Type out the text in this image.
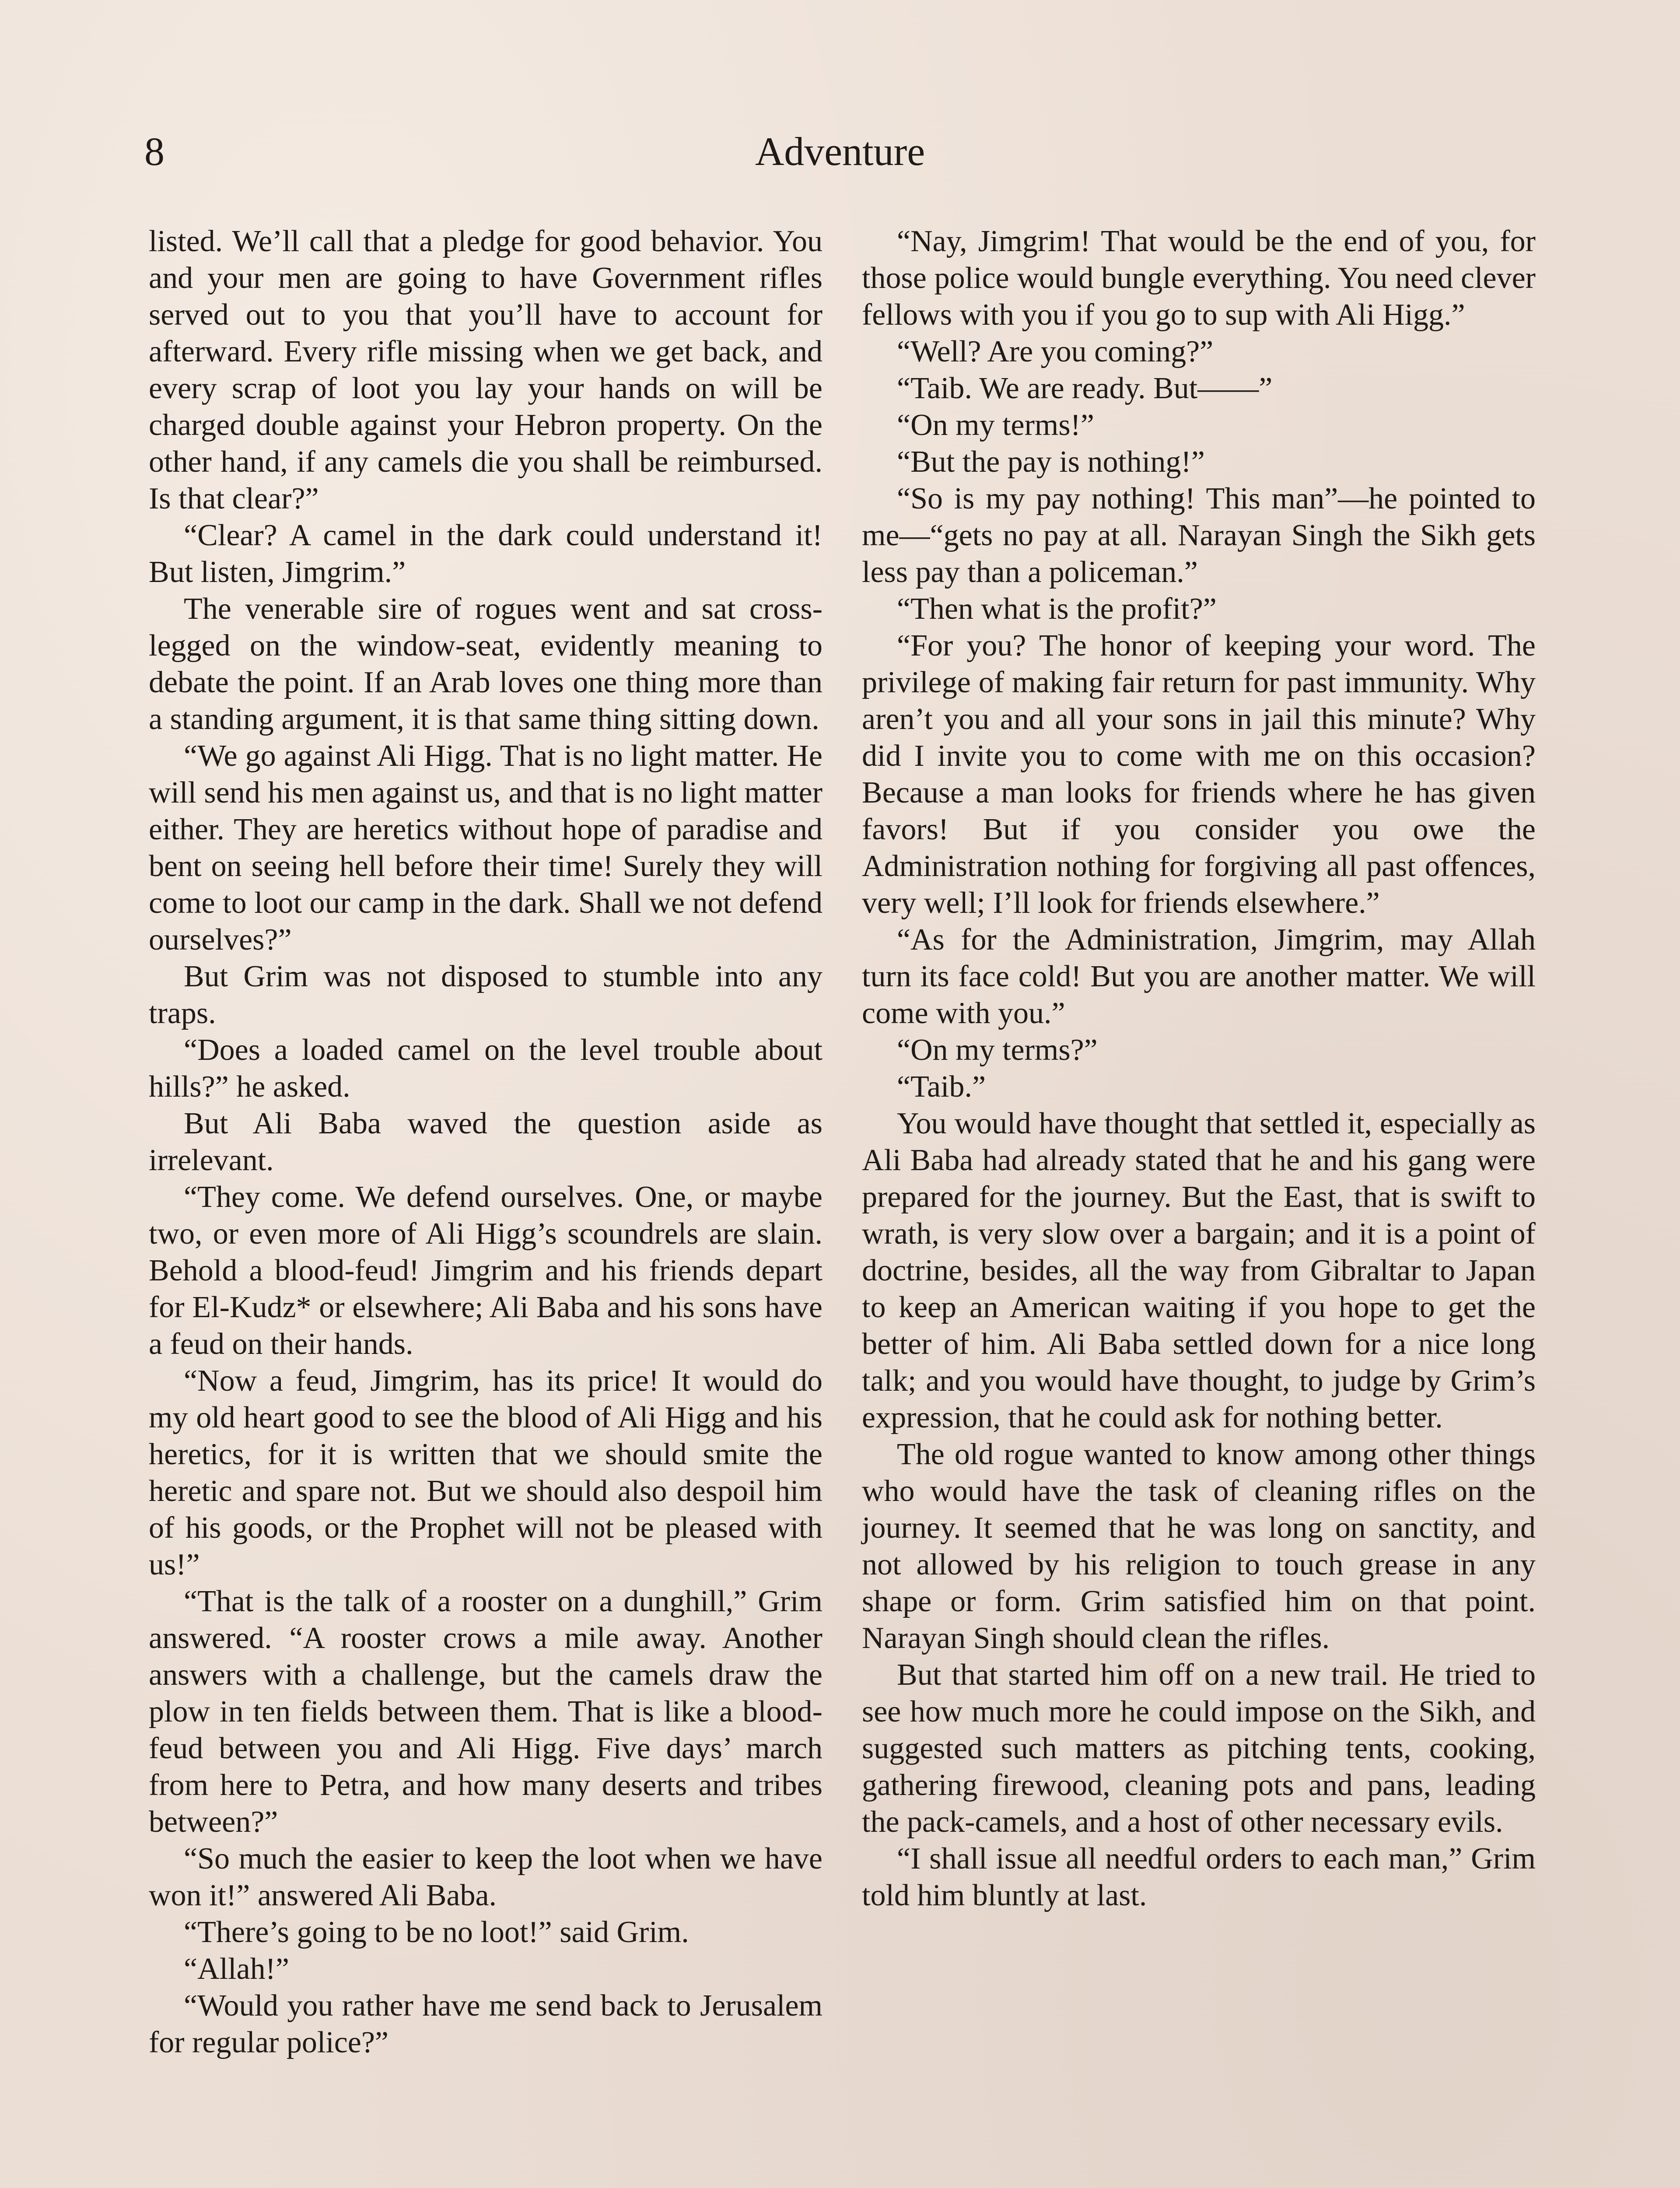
8	Adventure

listed. We’ll call that a pledge for good behavior. You and your men are going to have Government rifles served out to you that you’ll have to account for afterward. Every rifle missing when we get back, and every scrap of loot you lay your hands on will be charged double against your Hebron property. On the other hand, if any camels die you shall be reimbursed. Is that clear?”

“Clear? A camel in the dark could understand it! But listen, Jimgrim.”

The venerable sire of rogues went and sat cross-legged on the window-seat, evidently meaning to debate the point. If an Arab loves one thing more than a standing argument, it is that same thing sitting down.

“We go against Ali Higg. That is no light matter. He will send his men against us, and that is no light matter either. They are heretics without hope of paradise and bent on seeing hell before their time! Surely they will come to loot our camp in the dark. Shall we not defend ourselves?”

But Grim was not disposed to stumble into any traps.

“Does a loaded camel on the level trouble about hills?” he asked.

But Ali Baba waved the question aside as irrelevant.

“They come. We defend ourselves. One, or maybe two, or even more of Ali Higg’s scoundrels are slain. Behold a blood-feud! Jimgrim and his friends depart for El-Kudz* or elsewhere; Ali Baba and his sons have a feud on their hands.

“Now a feud, Jimgrim, has its price! It would do my old heart good to see the blood of Ali Higg and his heretics, for it is written that we should smite the heretic and spare not. But we should also despoil him of his goods, or the Prophet will not be pleased with us!”

“That is the talk of a rooster on a dunghill,” Grim answered. “A rooster crows a mile away. Another answers with a challenge, but the camels draw the plow in ten fields between them. That is like a blood-feud between you and Ali Higg. Five days’ march from here to Petra, and how many deserts and tribes between?”

“So much the easier to keep the loot when we have won it!” answered Ali Baba.

“There’s going to be no loot!” said Grim.

“Allah!”

“Would you rather have me send back to Jerusalem for regular police?”

“Nay, Jimgrim! That would be the end of you, for those police would bungle everything. You need clever fellows with you if you go to sup with Ali Higg.”

“Well? Are you coming?”

“Taib. We are ready. But——”

“On my terms!”

“But the pay is nothing!”

“So is my pay nothing! This man”—he pointed to me—“gets no pay at all. Narayan Singh the Sikh gets less pay than a policeman.”

“Then what is the profit?”

“For you? The honor of keeping your word. The privilege of making fair return for past immunity. Why aren’t you and all your sons in jail this minute? Why did I invite you to come with me on this occasion? Because a man looks for friends where he has given favors! But if you consider you owe the Administration nothing for forgiving all past offences, very well; I’ll look for friends elsewhere.”

“As for the Administration, Jimgrim, may Allah turn its face cold! But you are another matter. We will come with you.”

“On my terms?”

“Taib.”

You would have thought that settled it, especially as Ali Baba had already stated that he and his gang were prepared for the journey. But the East, that is swift to wrath, is very slow over a bargain; and it is a point of doctrine, besides, all the way from Gibraltar to Japan to keep an American waiting if you hope to get the better of him. Ali Baba settled down for a nice long talk; and you would have thought, to judge by Grim’s expression, that he could ask for nothing better.

The old rogue wanted to know among other things who would have the task of cleaning rifles on the journey. It seemed that he was long on sanctity, and not allowed by his religion to touch grease in any shape or form. Grim satisfied him on that point. Narayan Singh should clean the rifles.

But that started him off on a new trail. He tried to see how much more he could impose on the Sikh, and suggested such matters as pitching tents, cooking, gathering firewood, cleaning pots and pans, leading the pack-camels, and a host of other necessary evils.

“I shall issue all needful orders to each man,” Grim told him bluntly at last.
